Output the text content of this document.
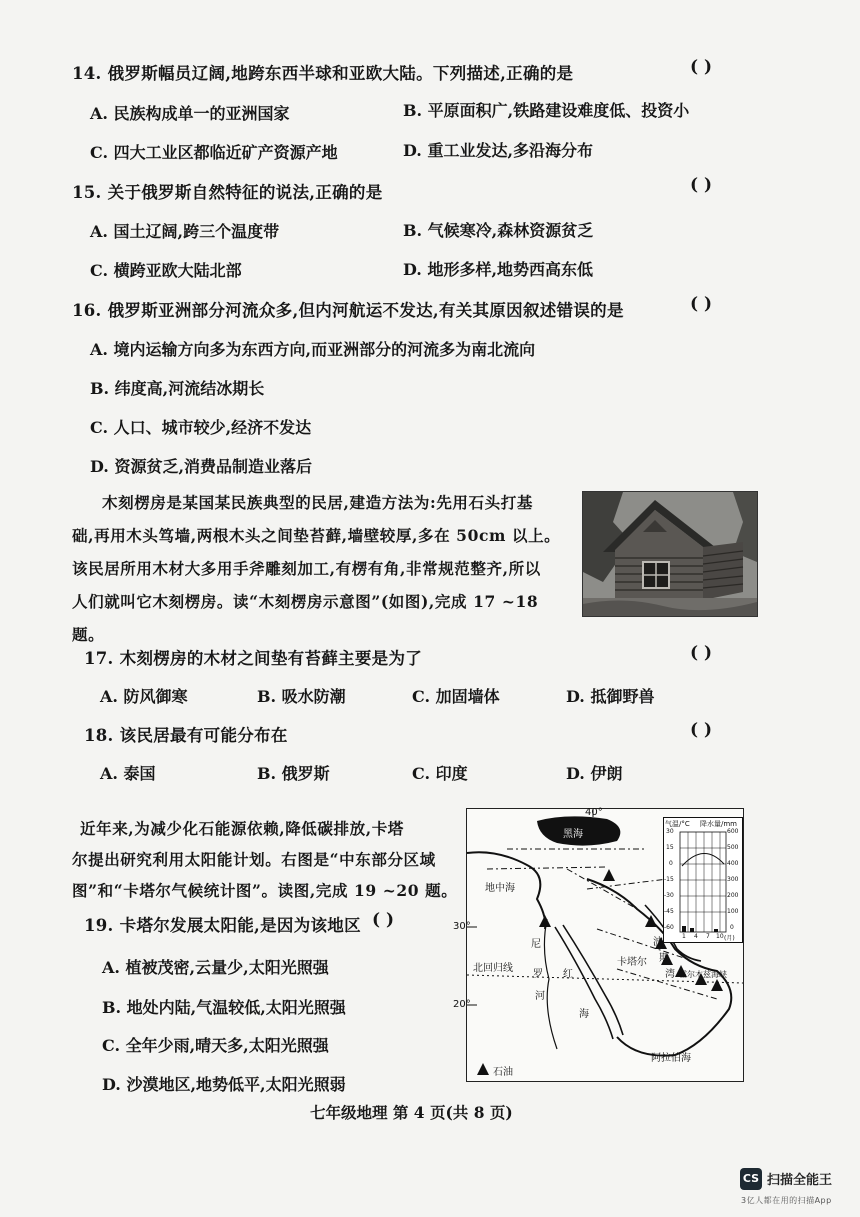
14. 俄罗斯幅员辽阔,地跨东西半球和亚欧大陆。下列描述,正确的是	( )
A. 民族构成单一的亚洲国家	B. 平原面积广,铁路建设难度低、投资小
C. 四大工业区都临近矿产资源产地	D. 重工业发达,多沿海分布
15. 关于俄罗斯自然特征的说法,正确的是	( )
A. 国土辽阔,跨三个温度带	B. 气候寒冷,森林资源贫乏
C. 横跨亚欧大陆北部	D. 地形多样,地势西高东低
16. 俄罗斯亚洲部分河流众多,但内河航运不发达,有关其原因叙述错误的是	( )
A. 境内运输方向多为东西方向,而亚洲部分的河流多为南北流向
B. 纬度高,河流结冰期长
C. 人口、城市较少,经济不发达
D. 资源贫乏,消费品制造业落后
木刻楞房是某国某民族典型的民居,建造方法为:先用石头打基
础,再用木头笃墙,两根木头之间垫苔藓,墙壁较厚,多在 50cm 以上。
该民居所用木材大多用手斧雕刻加工,有楞有角,非常规范整齐,所以
人们就叫它木刻楞房。读“木刻楞房示意图”(如图),完成 17 ~18 题。
17. 木刻楞房的木材之间垫有苔藓主要是为了	( )
A. 防风御寒	B. 吸水防潮	C. 加固墙体	D. 抵御野兽
18. 该民居最有可能分布在	( )
A. 泰国	B. 俄罗斯	C. 印度	D. 伊朗
近年来,为减少化石能源依赖,降低碳排放,卡塔
尔提出研究利用太阳能计划。右图是“中东部分区域
图”和“卡塔尔气候统计图”。读图,完成 19 ~20 题。
19. 卡塔尔发展太阳能,是因为该地区 ( )
A. 植被茂密,云量少,太阳光照强
B. 地处内陆,气温较低,太阳光照强
C. 全年少雨,晴天多,太阳光照强
D. 沙漠地区,地势低平,太阳光照弱
气温/°C 降水量/mm
30
15
0
-15
-30
-45
-60
600
500
400
300
200
100
0
1 4 7 10 (月)
40°
30°
20°
黑海
地中海
尼
罗
河
红
海
卡塔尔
波
斯
湾 霍尔木兹海峡
北回归线
阿拉伯海
石油
七年级地理 第 4 页(共 8 页)
CS 扫描全能王
3亿人都在用的扫描App
